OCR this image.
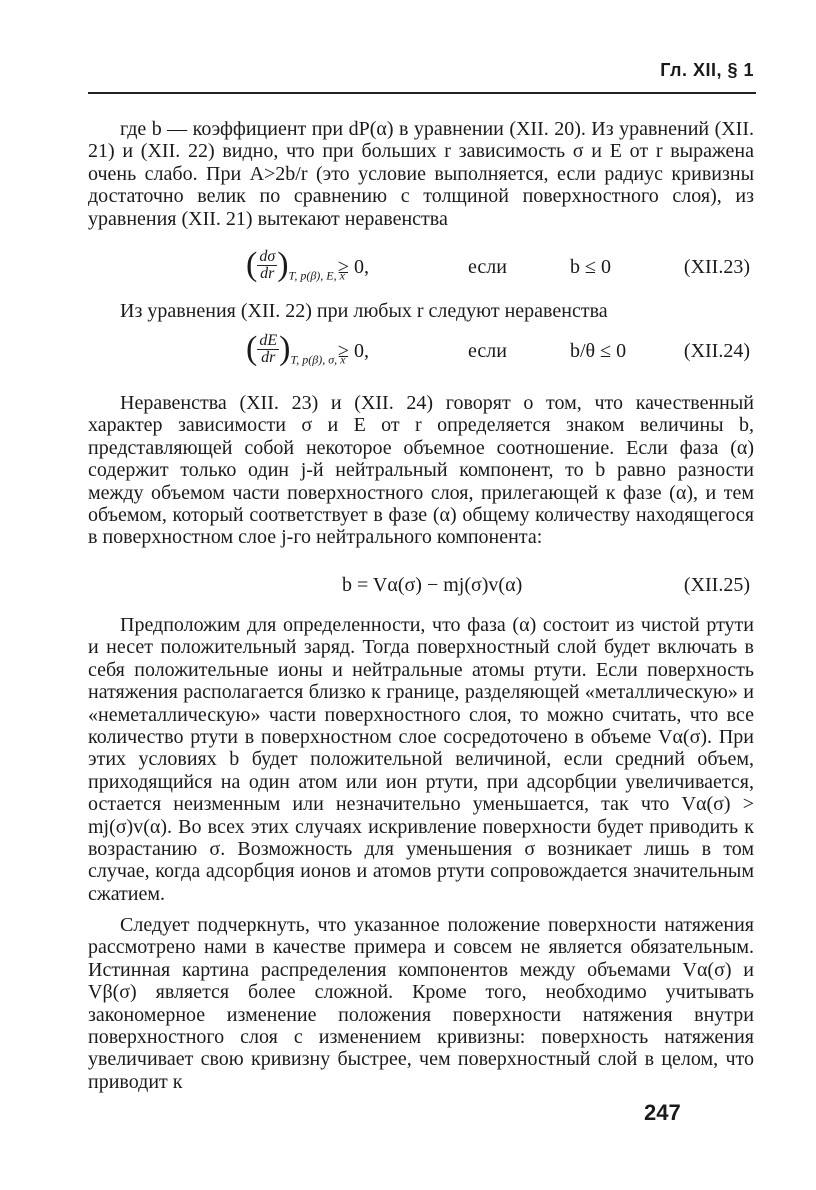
Гл. XII, § 1

где b — коэффициент при dP(α) в уравнении (XII. 20). Из уравнений (XII. 21) и (XII. 22) видно, что при больших r зависимость σ и E от r выражена очень слабо. При A>2b/r (это условие выполняется, если радиус кривизны достаточно велик по сравнению с толщиной поверхностного слоя), из уравнения (XII. 21) вытекают неравенства

( $\frac{d\sigma}{dr} )_{T, p(\beta), E, x}$
≥ 0,	если	b ≤ 0	(XII.23)

Из уравнения (XII. 22) при любых r следуют неравенства

( $\frac{dE}{dr} )_{T, p(\beta), \sigma, x}$
≥ 0,	если	b/θ ≤ 0	(XII.24)

Неравенства (XII. 23) и (XII. 24) говорят о том, что качественный характер зависимости σ и E от r определяется знаком величины b, представляющей собой некоторое объемное соотношение. Если фаза (α) содержит только один j-й нейтральный компонент, то b равно разности между объемом части поверхностного слоя, прилегающей к фазе (α), и тем объемом, который соответствует в фазе (α) общему количеству находящегося в поверхностном слое j-го нейтрального компонента:

b = Vα(σ) − mj(σ)v(α)	(XII.25)

Предположим для определенности, что фаза (α) состоит из чистой ртути и несет положительный заряд. Тогда поверхностный слой будет включать в себя положительные ионы и нейтральные атомы ртути. Если поверхность натяжения располагается близко к границе, разделяющей «металлическую» и «неметаллическую» части поверхностного слоя, то можно считать, что все количество ртути в поверхностном слое сосредоточено в объеме Vα(σ). При этих условиях b будет положительной величиной, если средний объем, приходящийся на один атом или ион ртути, при адсорбции увеличивается, остается неизменным или незначительно уменьшается, так что Vα(σ) > mj(σ)v(α). Во всех этих случаях искривление поверхности будет приводить к возрастанию σ. Возможность для уменьшения σ возникает лишь в том случае, когда адсорбция ионов и атомов ртути сопровождается значительным сжатием.

Следует подчеркнуть, что указанное положение поверхности натяжения рассмотрено нами в качестве примера и совсем не является обязательным. Истинная картина распределения компонентов между объемами Vα(σ) и Vβ(σ) является более сложной. Кроме того, необходимо учитывать закономерное изменение положения поверхности натяжения внутри поверхностного слоя с изменением кривизны: поверхность натяжения увеличивает свою кривизну быстрее, чем поверхностный слой в целом, что приводит к

247
